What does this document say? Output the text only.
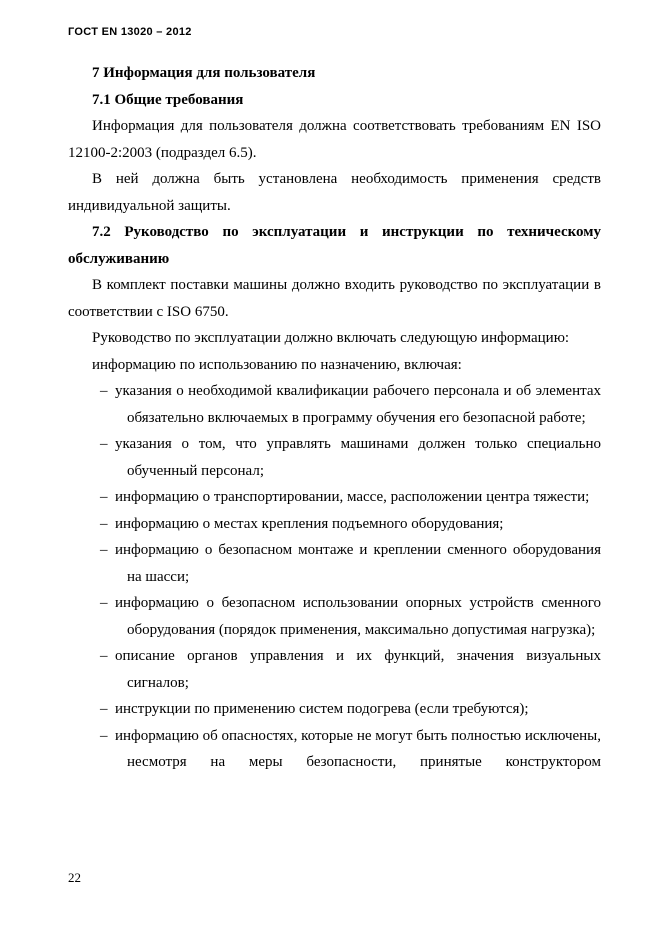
ГОСТ EN 13020 – 2012

7 Информация для пользователя

7.1 Общие требования

Информация для пользователя должна соответствовать требованиям EN ISO 12100-2:2003 (подраздел 6.5).

В ней должна быть установлена необходимость применения средств индивидуальной защиты.

7.2 Руководство по эксплуатации и инструкции по техническому обслуживанию

В комплект поставки машины должно входить руководство по эксплуатации в соответствии с ISO 6750.

Руководство по эксплуатации должно включать следующую информацию:

информацию по использованию по назначению, включая:

– указания о необходимой квалификации рабочего персонала и об элементах обязательно включаемых в программу обучения его безопасной работе;
– указания о том, что управлять машинами должен только специально обученный персонал;
– информацию о транспортировании, массе, расположении центра тяжести;
– информацию о местах крепления подъемного оборудования;
– информацию о безопасном монтаже и креплении сменного оборудования на шасси;
– информацию о безопасном использовании опорных устройств сменного оборудования (порядок применения, максимально допустимая нагрузка);
– описание органов управления и их функций, значения визуальных сигналов;
– инструкции по применению систем подогрева (если требуются);
– информацию об опасностях, которые не могут быть полностью исключены, несмотря на меры безопасности, принятые конструктором
22
